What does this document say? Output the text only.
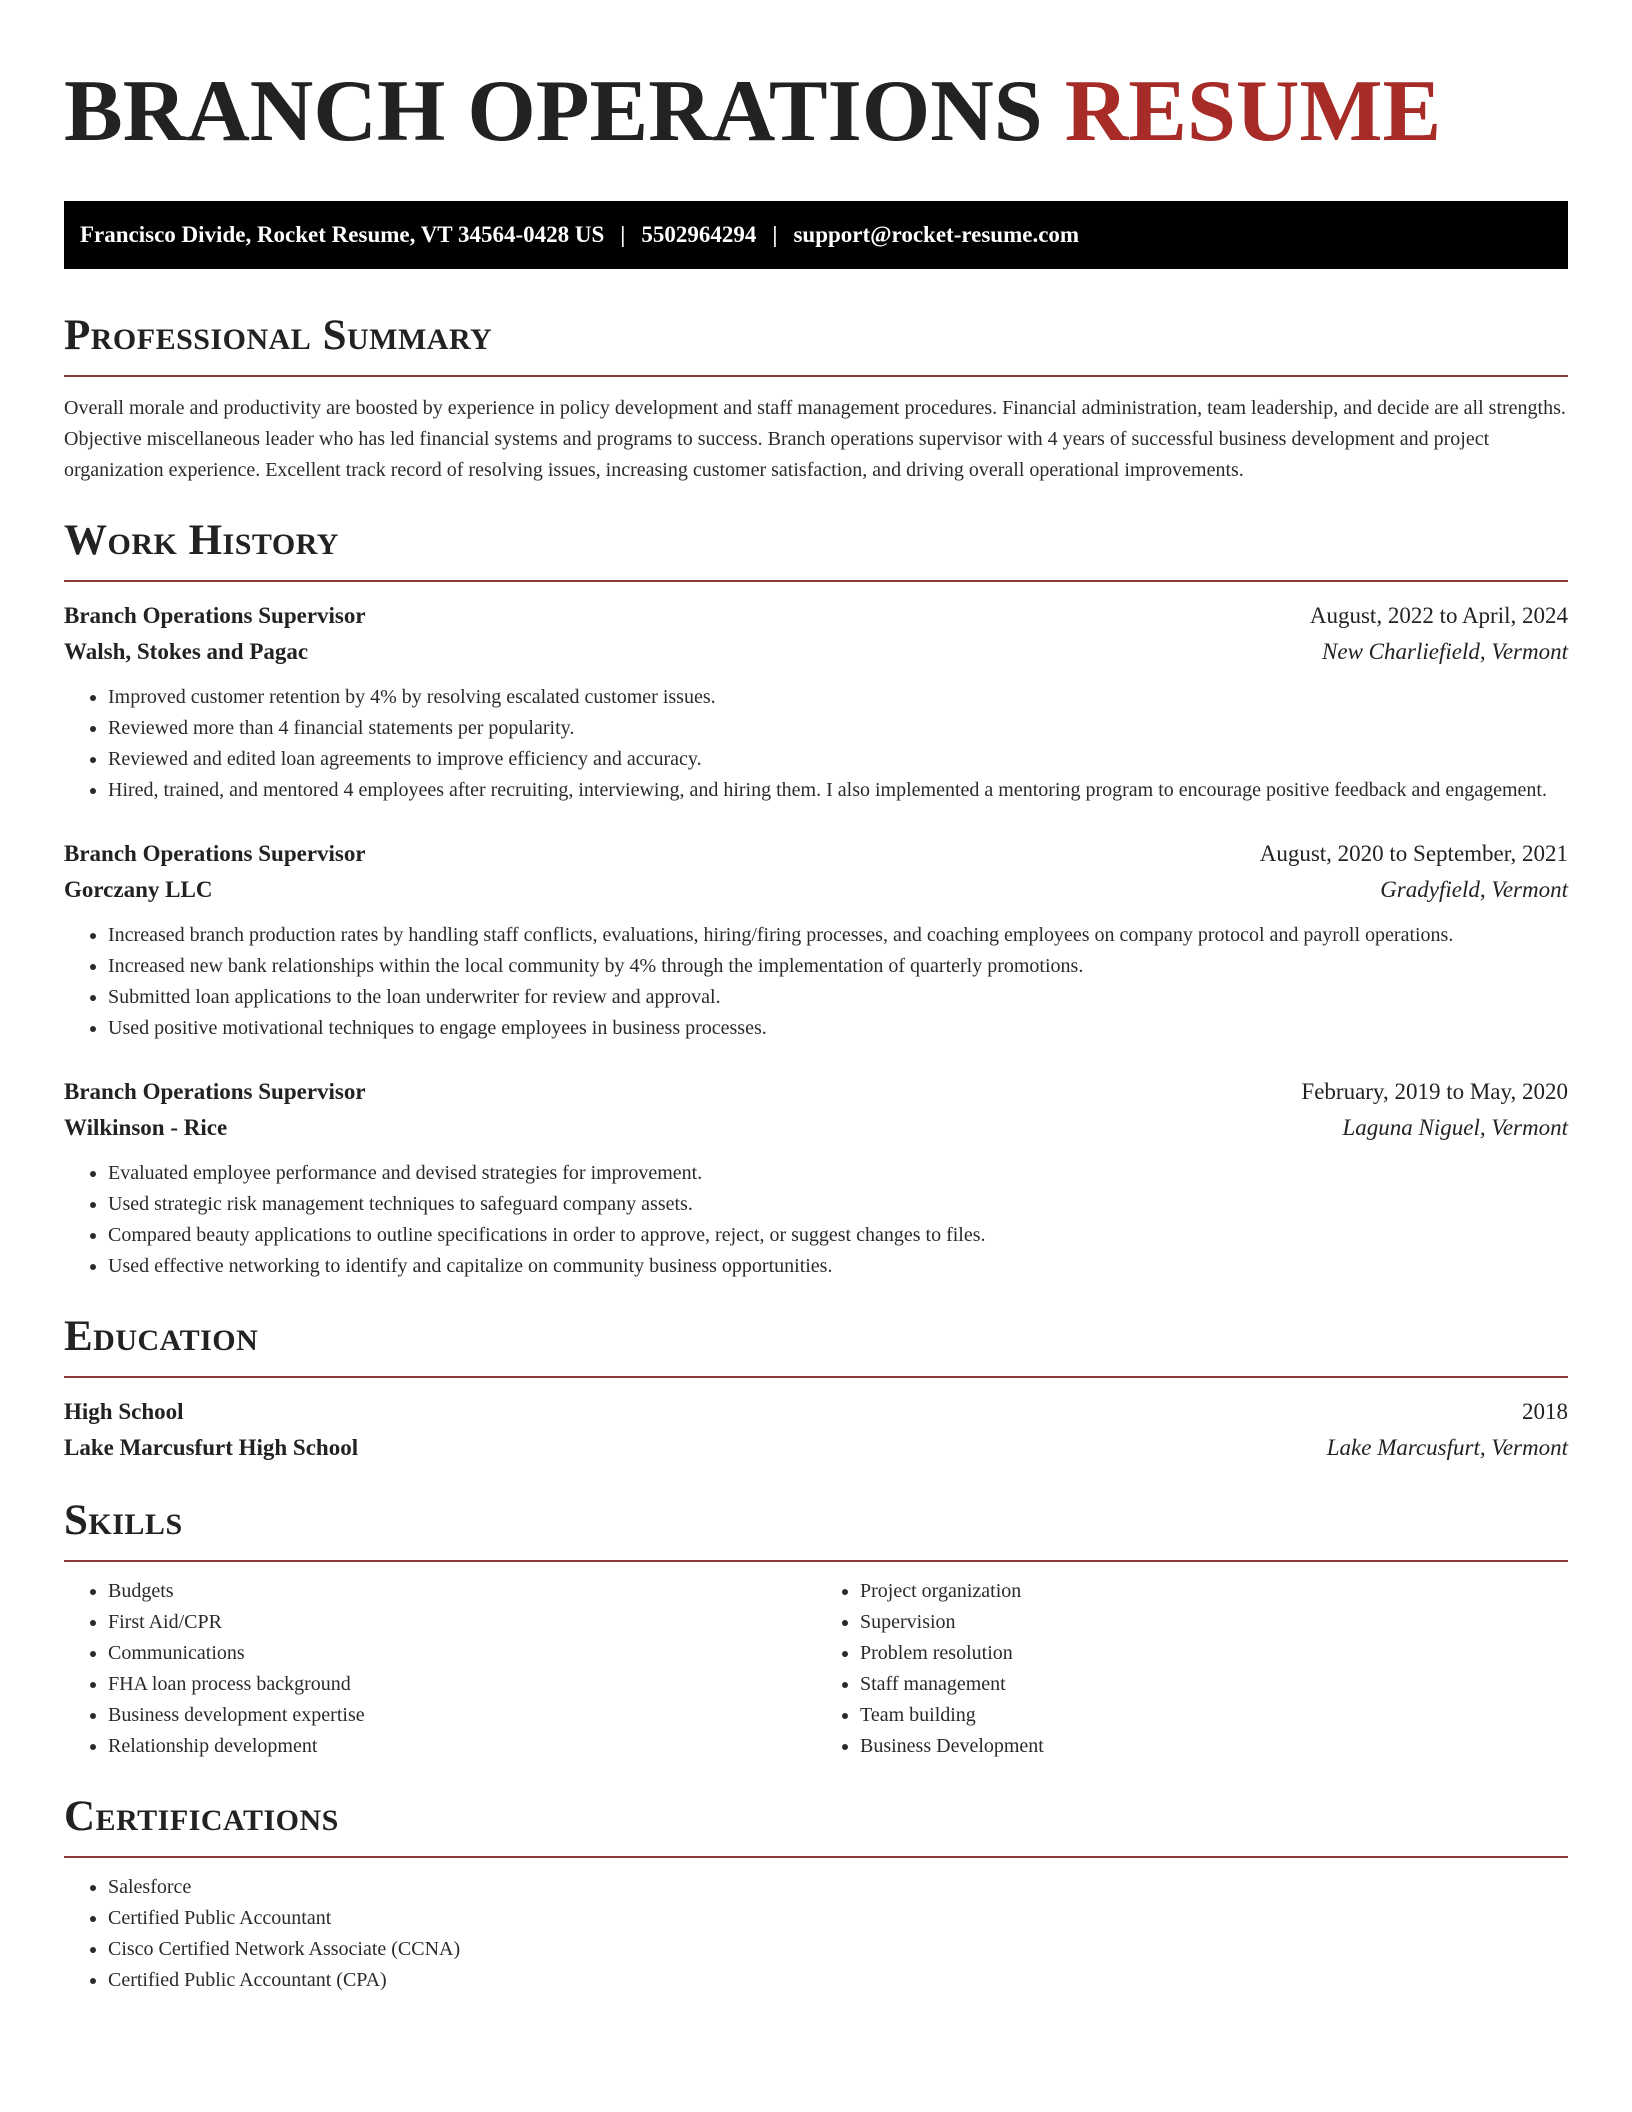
BRANCH OPERATIONS RESUME
Francisco Divide, Rocket Resume, VT 34564-0428 US | 5502964294 | support@rocket-resume.com
Professional Summary

Overall morale and productivity are boosted by experience in policy development and staff management procedures. Financial administration, team leadership, and decide are all strengths. Objective miscellaneous leader who has led financial systems and programs to success. Branch operations supervisor with 4 years of successful business development and project organization experience. Excellent track record of resolving issues, increasing customer satisfaction, and driving overall operational improvements.

Work History
Branch Operations Supervisor	August, 2022 to April, 2024
Walsh, Stokes and Pagac	New Charliefield, Vermont
• Improved customer retention by 4% by resolving escalated customer issues.
• Reviewed more than 4 financial statements per popularity.
• Reviewed and edited loan agreements to improve efficiency and accuracy.
• Hired, trained, and mentored 4 employees after recruiting, interviewing, and hiring them. I also implemented a mentoring program to encourage positive feedback and engagement.
Branch Operations Supervisor	August, 2020 to September, 2021
Gorczany LLC	Gradyfield, Vermont
• Increased branch production rates by handling staff conflicts, evaluations, hiring/firing processes, and coaching employees on company protocol and payroll operations.
• Increased new bank relationships within the local community by 4% through the implementation of quarterly promotions.
• Submitted loan applications to the loan underwriter for review and approval.
• Used positive motivational techniques to engage employees in business processes.
Branch Operations Supervisor	February, 2019 to May, 2020
Wilkinson - Rice	Laguna Niguel, Vermont
• Evaluated employee performance and devised strategies for improvement.
• Used strategic risk management techniques to safeguard company assets.
• Compared beauty applications to outline specifications in order to approve, reject, or suggest changes to files.
• Used effective networking to identify and capitalize on community business opportunities.
Education
High School	2018
Lake Marcusfurt High School	Lake Marcusfurt, Vermont
Skills
• Budgets
• First Aid/CPR
• Communications
• FHA loan process background
• Business development expertise
• Relationship development
• Project organization
• Supervision
• Problem resolution
• Staff management
• Team building
• Business Development
Certifications
• Salesforce
• Certified Public Accountant
• Cisco Certified Network Associate (CCNA)
• Certified Public Accountant (CPA)
